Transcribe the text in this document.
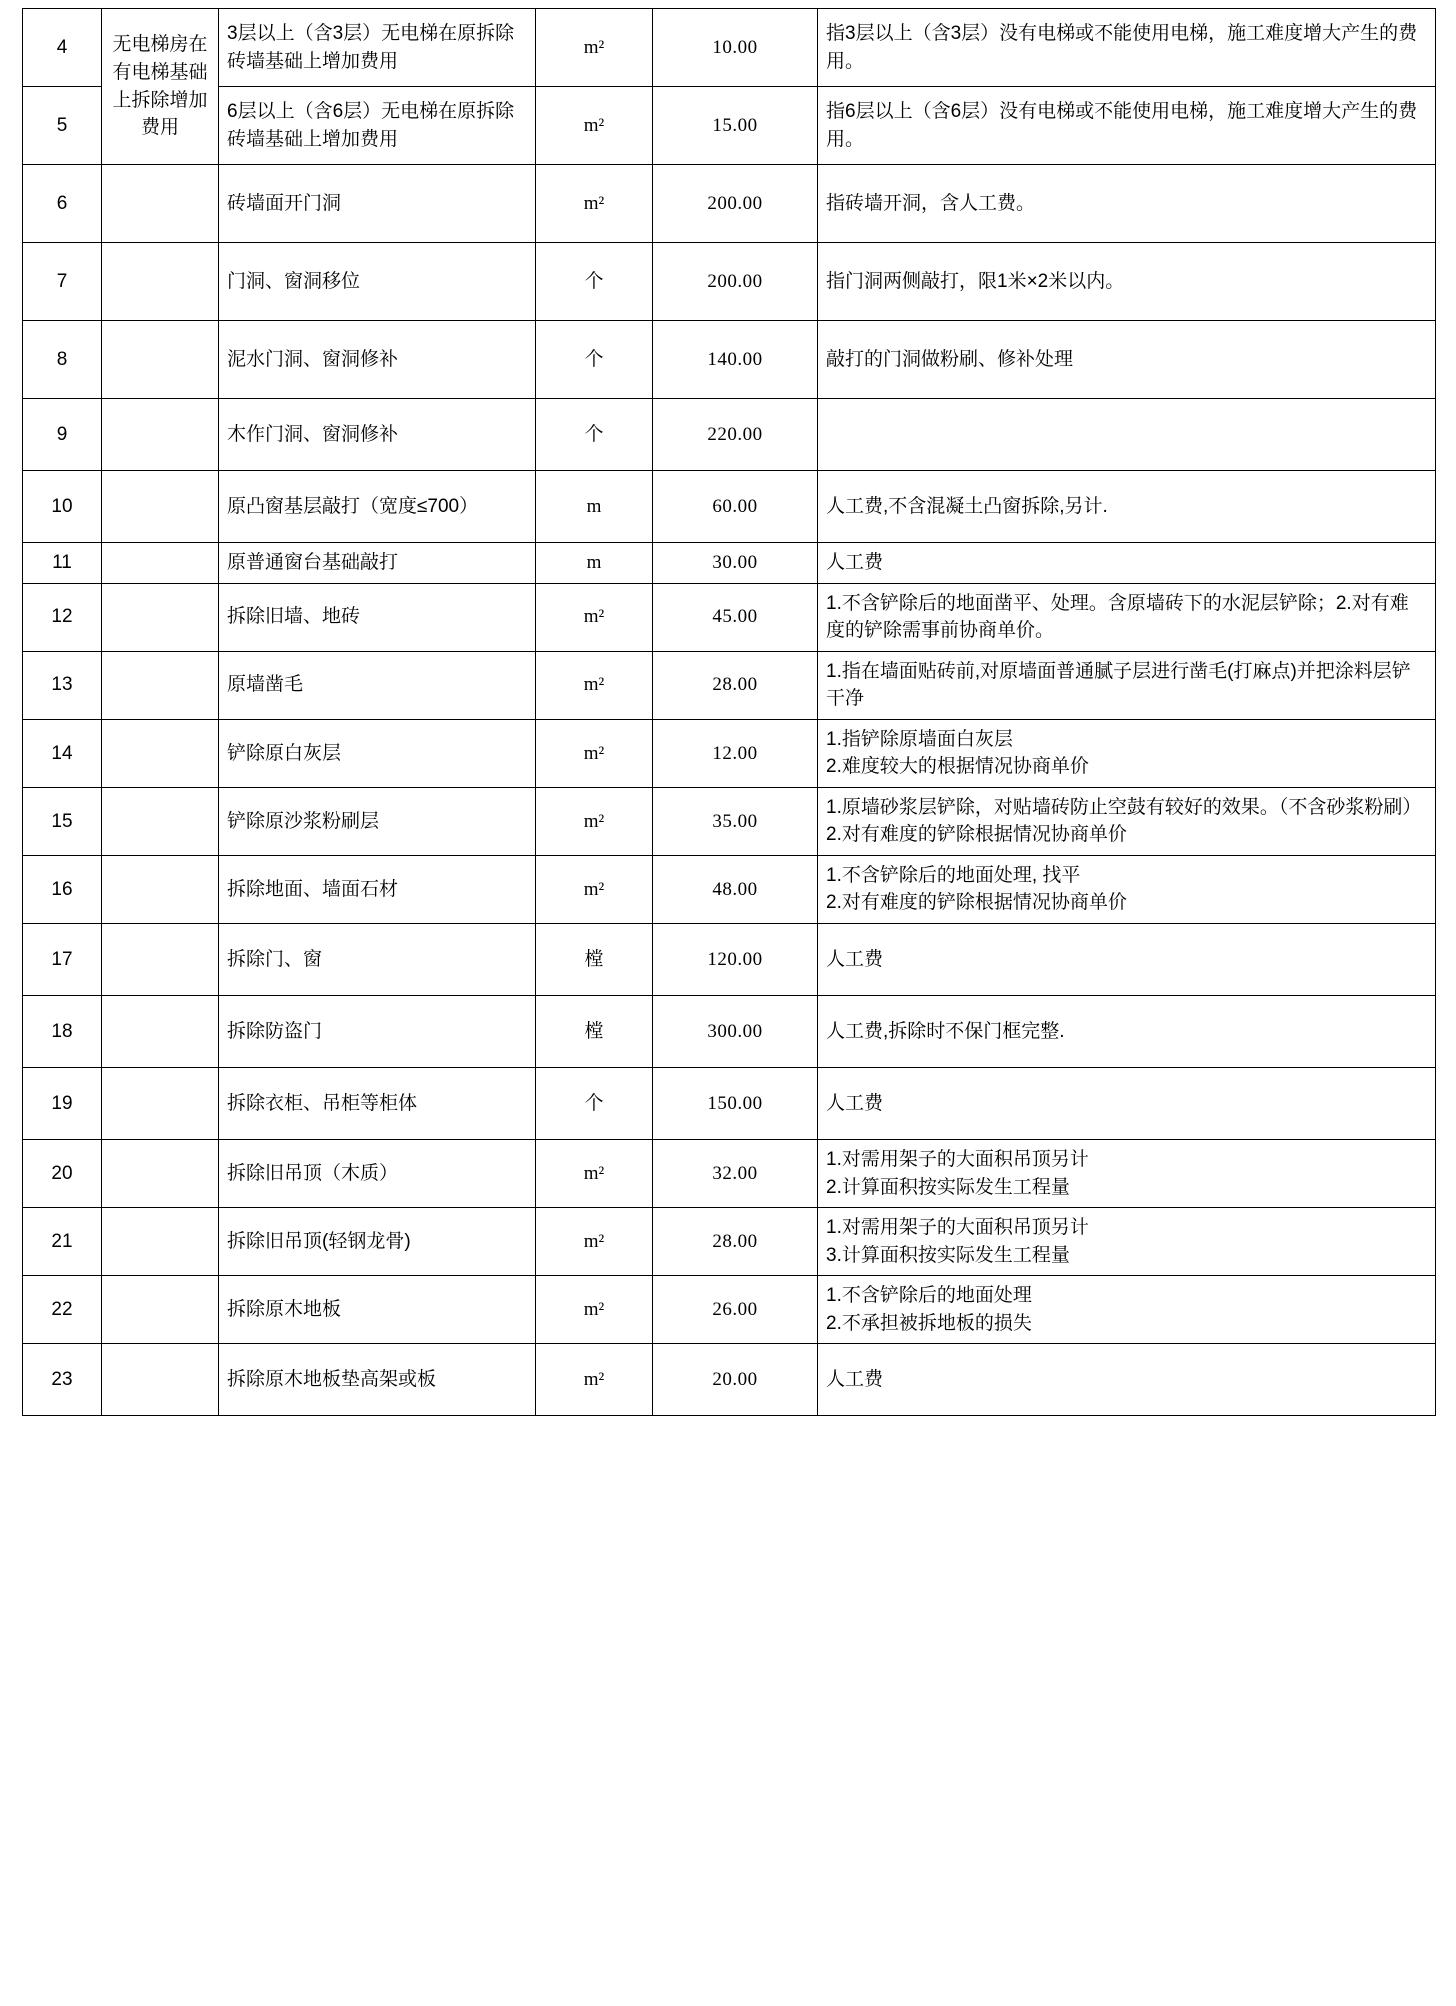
4	无电梯房在有电梯基础上拆除增加费用	3层以上（含3层）无电梯在原拆除砖墙基础上增加费用	m²	10.00	指3层以上（含3层）没有电梯或不能使用电梯，施工难度增大产生的费用。

5		6层以上（含6层）无电梯在原拆除砖墙基础上增加费用	m²	15.00	指6层以上（含6层）没有电梯或不能使用电梯，施工难度增大产生的费用。

6		砖墙面开门洞	m²	200.00	指砖墙开洞，含人工费。

7		门洞、窗洞移位	个	200.00	指门洞两侧敲打，限1米×2米以内。

8		泥水门洞、窗洞修补	个	140.00	敲打的门洞做粉刷、修补处理

9		木作门洞、窗洞修补	个	220.00	

10		原凸窗基层敲打（宽度≤700）	m	60.00	人工费,不含混凝土凸窗拆除,另计.

11		原普通窗台基础敲打	m	30.00	人工费

12		拆除旧墙、地砖	m²	45.00	1.不含铲除后的地面凿平、处理。含原墙砖下的水泥层铲除；2.对有难度的铲除需事前协商单价。

13		原墙凿毛	m²	28.00	1.指在墙面贴砖前,对原墙面普通腻子层进行凿毛(打麻点)并把涂料层铲干净

14		铲除原白灰层	m²	12.00	1.指铲除原墙面白灰层
2.难度较大的根据情况协商单价

15		铲除原沙浆粉刷层	m²	35.00	1.原墙砂浆层铲除，对贴墙砖防止空鼓有较好的效果。（不含砂浆粉刷）
2.对有难度的铲除根据情况协商单价

16		拆除地面、墙面石材	m²	48.00	1.不含铲除后的地面处理, 找平
2.对有难度的铲除根据情况协商单价

17		拆除门、窗	樘	120.00	人工费

18		拆除防盗门	樘	300.00	人工费,拆除时不保门框完整.

19		拆除衣柜、吊柜等柜体	个	150.00	人工费

20		拆除旧吊顶（木质）	m²	32.00	1.对需用架子的大面积吊顶另计
2.计算面积按实际发生工程量

21		拆除旧吊顶(轻钢龙骨)	m²	28.00	1.对需用架子的大面积吊顶另计
3.计算面积按实际发生工程量

22		拆除原木地板	m²	26.00	1.不含铲除后的地面处理
2.不承担被拆地板的损失

23		拆除原木地板垫高架或板	m²	20.00	人工费
